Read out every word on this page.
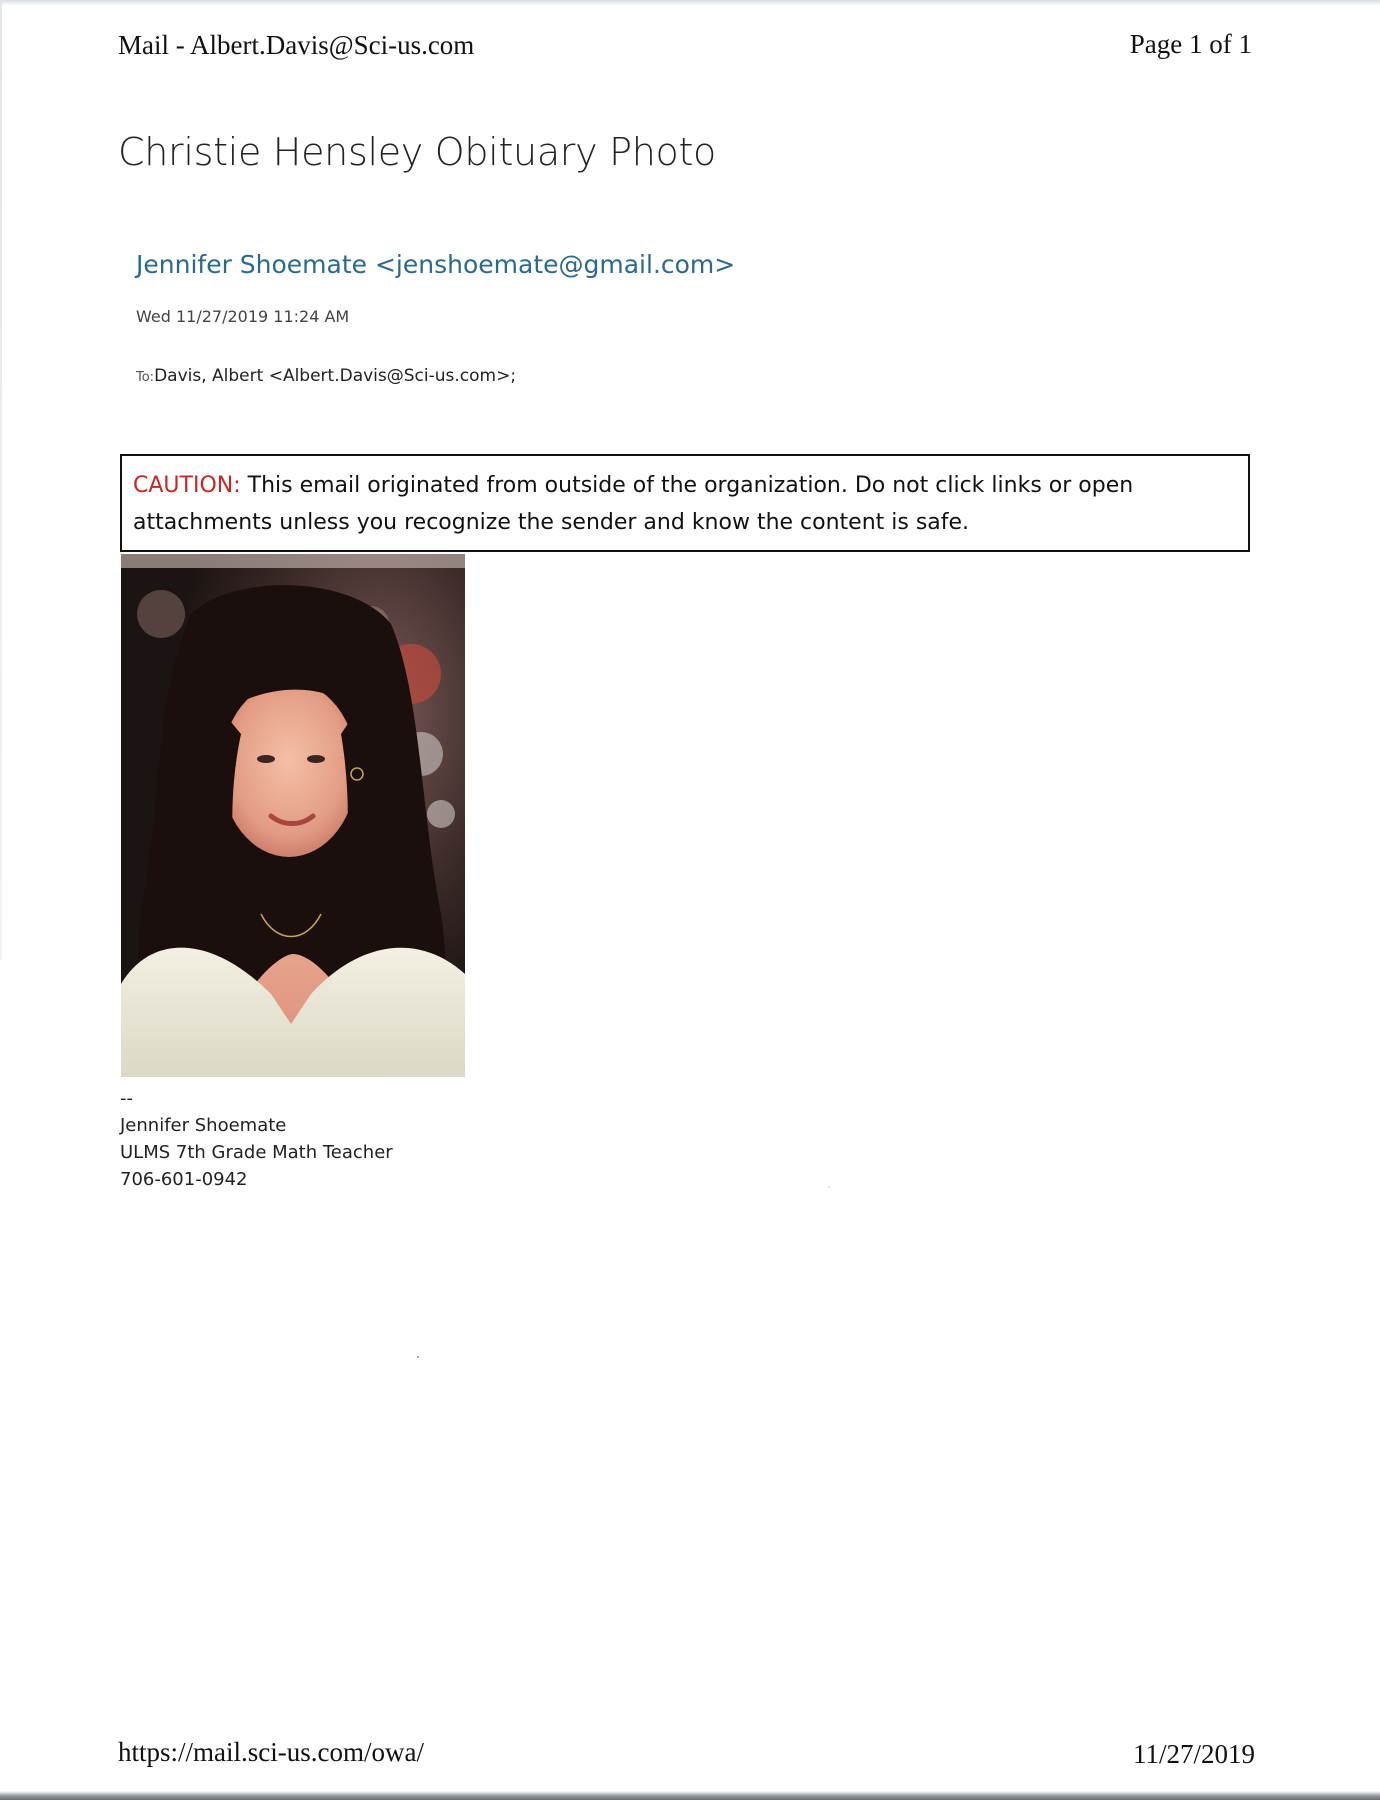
Mail - Albert.Davis@Sci-us.com	Page 1 of 1
Christie Hensley Obituary Photo
Jennifer Shoemate <jenshoemate@gmail.com>
Wed 11/27/2019 11:24 AM
To:Davis, Albert <Albert.Davis@Sci-us.com>;
CAUTION: This email originated from outside of the organization. Do not click links or open attachments unless you recognize the sender and know the content is safe.
--
Jennifer Shoemate
ULMS 7th Grade Math Teacher
706-601-0942
https://mail.sci-us.com/owa/	11/27/2019
